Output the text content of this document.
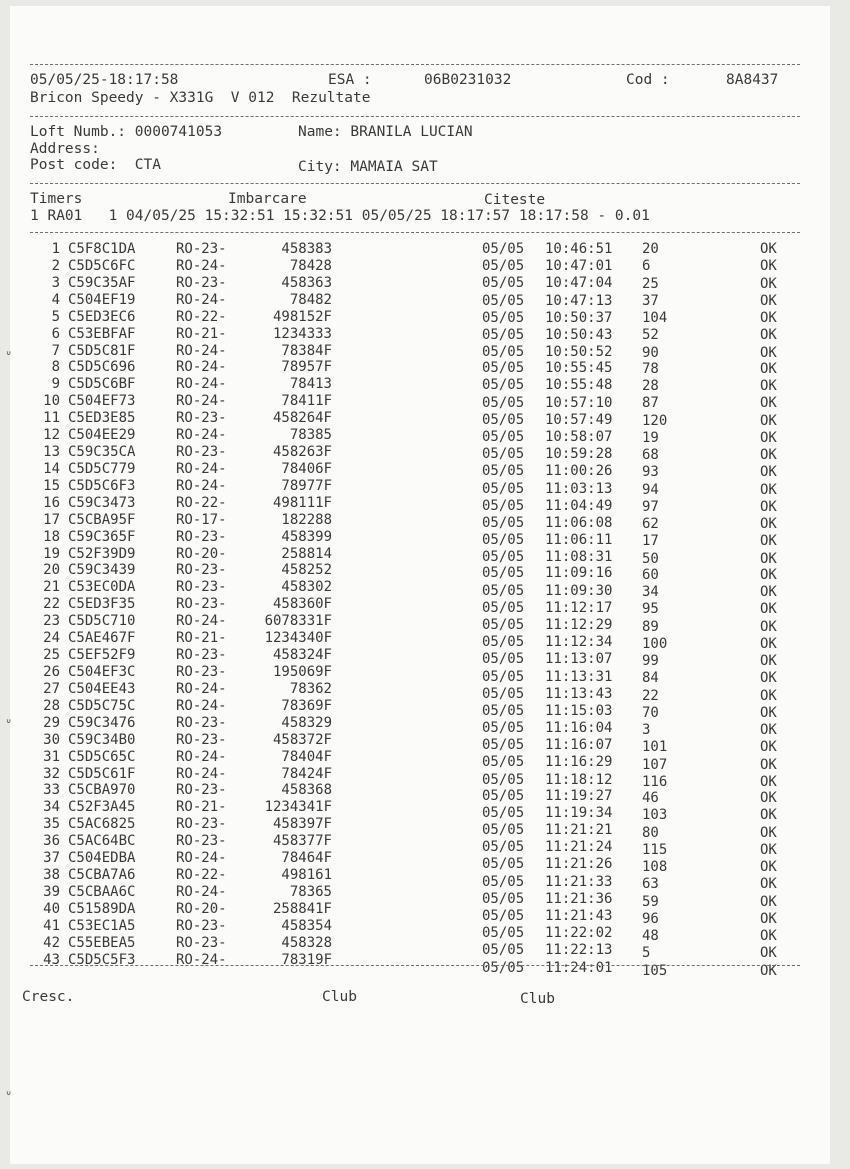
05/05/25-18:17:58	ESA :      06B0231032	Cod :	8A8437
Bricon Speedy - X331G  V 012  Rezultate
Loft Numb.: 0000741053	Name: BRANILA LUCIAN
Address:
Post code:  CTA	City: MAMAIA SAT
Timers	Imbarcare	Citeste
1 RA01   1 04/05/25 15:32:51 15:32:51 05/05/25 18:17:57 18:17:58 - 0.01
1 C5F8C1DA	RO-23-	458383	05/05 10:46:51 20	OK
2 C5D5C6FC	RO-24-	78428	05/05 10:47:01 6	OK
3 C59C35AF	RO-23-	458363	05/05 10:47:04 25	OK
4 C504EF19	RO-24-	78482	05/05 10:47:13 37	OK
5 C5ED3EC6	RO-22-	498152F	05/05 10:50:37 104	OK
6 C53EBFAF	RO-21-	1234333	05/05 10:50:43 52	OK
7 C5D5C81F	RO-24-	78384F	05/05 10:50:52 90	OK
8 C5D5C696	RO-24-	78957F	05/05 10:55:45 78	OK
9 C5D5C6BF	RO-24-	78413	05/05 10:55:48 28	OK
10 C504EF73	RO-24-	78411F	05/05 10:57:10 87	OK
11 C5ED3E85	RO-23-	458264F	05/05 10:57:49 120	OK
12 C504EE29	RO-24-	78385	05/05 10:58:07 19	OK
13 C59C35CA	RO-23-	458263F	05/05 10:59:28 68	OK
14 C5D5C779	RO-24-	78406F	05/05 11:00:26 93	OK
15 C5D5C6F3	RO-24-	78977F	05/05 11:03:13 94	OK
16 C59C3473	RO-22-	498111F	05/05 11:04:49 97	OK
17 C5CBA95F	RO-17-	182288	05/05 11:06:08 62	OK
18 C59C365F	RO-23-	458399	05/05 11:06:11 17	OK
19 C52F39D9	RO-20-	258814	05/05 11:08:31 50	OK
20 C59C3439	RO-23-	458252	05/05 11:09:16 60	OK
21 C53EC0DA	RO-23-	458302	05/05 11:09:30 34	OK
22 C5ED3F35	RO-23-	458360F	05/05 11:12:17 95	OK
23 C5D5C710	RO-24-	6078331F	05/05 11:12:29 89	OK
24 C5AE467F	RO-21-	1234340F	05/05 11:12:34 100	OK
25 C5EF52F9	RO-23-	458324F	05/05 11:13:07 99	OK
26 C504EF3C	RO-23-	195069F	05/05 11:13:31 84	OK
27 C504EE43	RO-24-	78362	05/05 11:13:43 22	OK
28 C5D5C75C	RO-24-	78369F	05/05 11:15:03 70	OK
29 C59C3476	RO-23-	458329	05/05 11:16:04 3	OK
30 C59C34B0	RO-23-	458372F	05/05 11:16:07 101	OK
31 C5D5C65C	RO-24-	78404F	05/05 11:16:29 107	OK
32 C5D5C61F	RO-24-	78424F	05/05 11:18:12 116	OK
33 C5CBA970	RO-23-	458368	05/05 11:19:27 46	OK
34 C52F3A45	RO-21-	1234341F	05/05 11:19:34 103	OK
35 C5AC6825	RO-23-	458397F	05/05 11:21:21 80	OK
36 C5AC64BC	RO-23-	458377F	05/05 11:21:24 115	OK
37 C504EDBA	RO-24-	78464F	05/05 11:21:26 108	OK
38 C5CBA7A6	RO-22-	498161	05/05 11:21:33 63	OK
39 C5CBAA6C	RO-24-	78365	05/05 11:21:36 59	OK
40 C51589DA	RO-20-	258841F	05/05 11:21:43 96	OK
41 C53EC1A5	RO-23-	458354	05/05 11:22:02 48	OK
42 C55EBEA5	RO-23-	458328	05/05 11:22:13 5	OK
43 C5D5C5F3	RO-24-	78319F	05/05 11:24:01 105	OK
Cresc.	Club	Club
ᐡ
ᐡ
ᐡ
